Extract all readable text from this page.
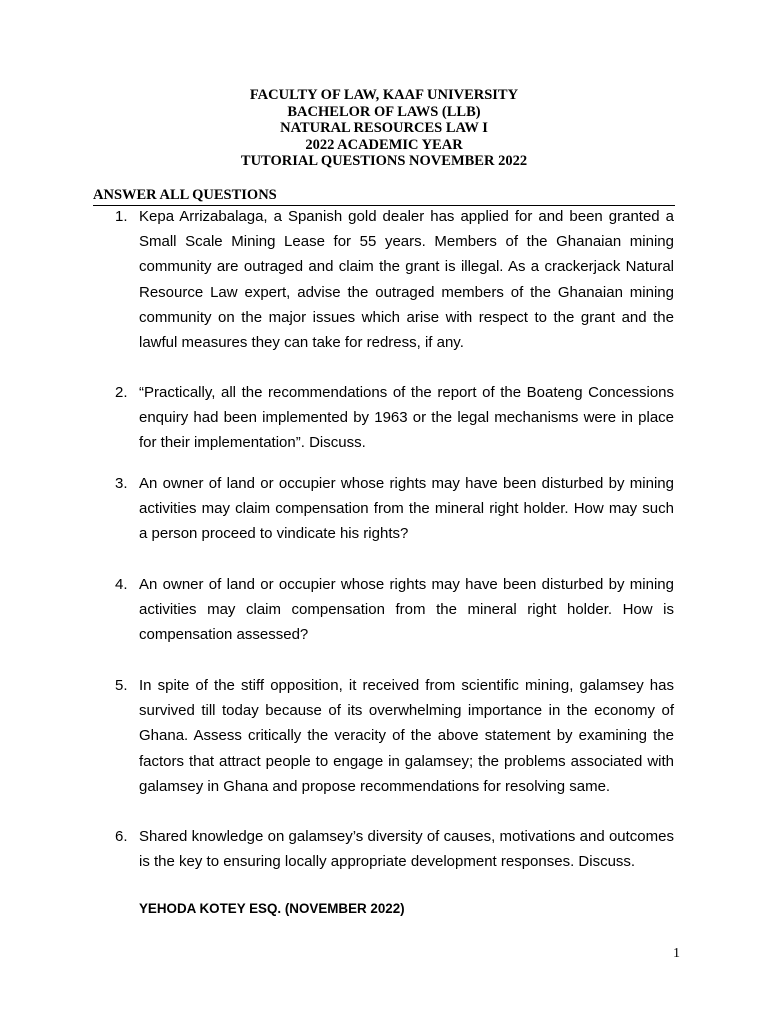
FACULTY OF LAW, KAAF UNIVERSITY
BACHELOR OF LAWS (LLB)
NATURAL RESOURCES LAW I
2022 ACADEMIC YEAR
TUTORIAL QUESTIONS NOVEMBER 2022
ANSWER ALL QUESTIONS
1. Kepa Arrizabalaga, a Spanish gold dealer has applied for and been granted a Small Scale Mining Lease for 55 years. Members of the Ghanaian mining community are outraged and claim the grant is illegal. As a crackerjack Natural Resource Law expert, advise the outraged members of the Ghanaian mining community on the major issues which arise with respect to the grant and the lawful measures they can take for redress, if any.
2. “Practically, all the recommendations of the report of the Boateng Concessions enquiry had been implemented by 1963 or the legal mechanisms were in place for their implementation”. Discuss.
3. An owner of land or occupier whose rights may have been disturbed by mining activities may claim compensation from the mineral right holder. How may such a person proceed to vindicate his rights?
4. An owner of land or occupier whose rights may have been disturbed by mining activities may claim compensation from the mineral right holder. How is compensation assessed?
5. In spite of the stiff opposition, it received from scientific mining, galamsey has survived till today because of its overwhelming importance in the economy of Ghana. Assess critically the veracity of the above statement by examining the factors that attract people to engage in galamsey; the problems associated with galamsey in Ghana and propose recommendations for resolving same.
6. Shared knowledge on galamsey’s diversity of causes, motivations and outcomes is the key to ensuring locally appropriate development responses. Discuss.
YEHODA KOTEY ESQ. (NOVEMBER 2022)
1
